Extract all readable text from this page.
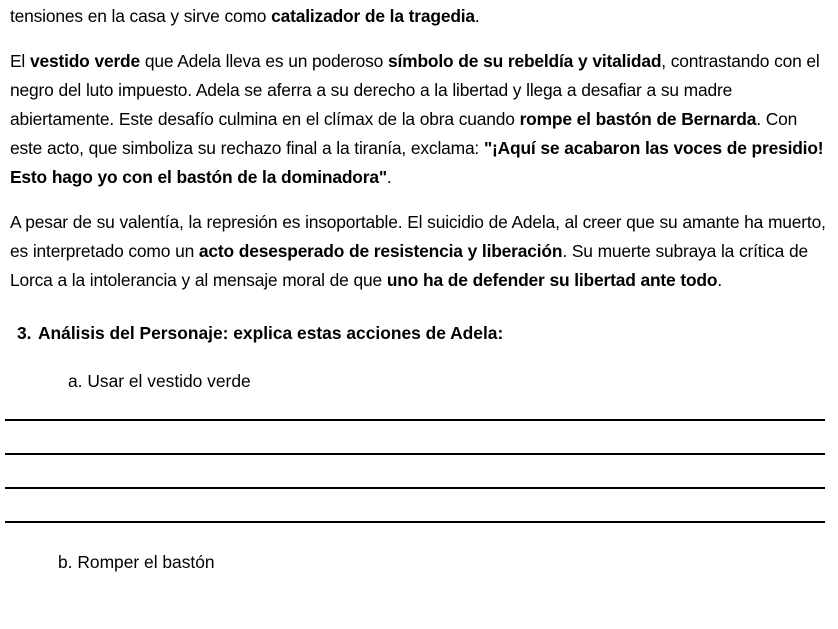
tensiones en la casa y sirve como catalizador de la tragedia.

El vestido verde que Adela lleva es un poderoso símbolo de su rebeldía y vitalidad, contrastando con el negro del luto impuesto. Adela se aferra a su derecho a la libertad y llega a desafiar a su madre abiertamente. Este desafío culmina en el clímax de la obra cuando rompe el bastón de Bernarda. Con este acto, que simboliza su rechazo final a la tiranía, exclama: "¡Aquí se acabaron las voces de presidio! Esto hago yo con el bastón de la dominadora".

A pesar de su valentía, la represión es insoportable. El suicidio de Adela, al creer que su amante ha muerto, es interpretado como un acto desesperado de resistencia y liberación. Su muerte subraya la crítica de Lorca a la intolerancia y al mensaje moral de que uno ha de defender su libertad ante todo.

3. Análisis del Personaje: explica estas acciones de Adela:
a. Usar el vestido verde
b. Romper el bastón
